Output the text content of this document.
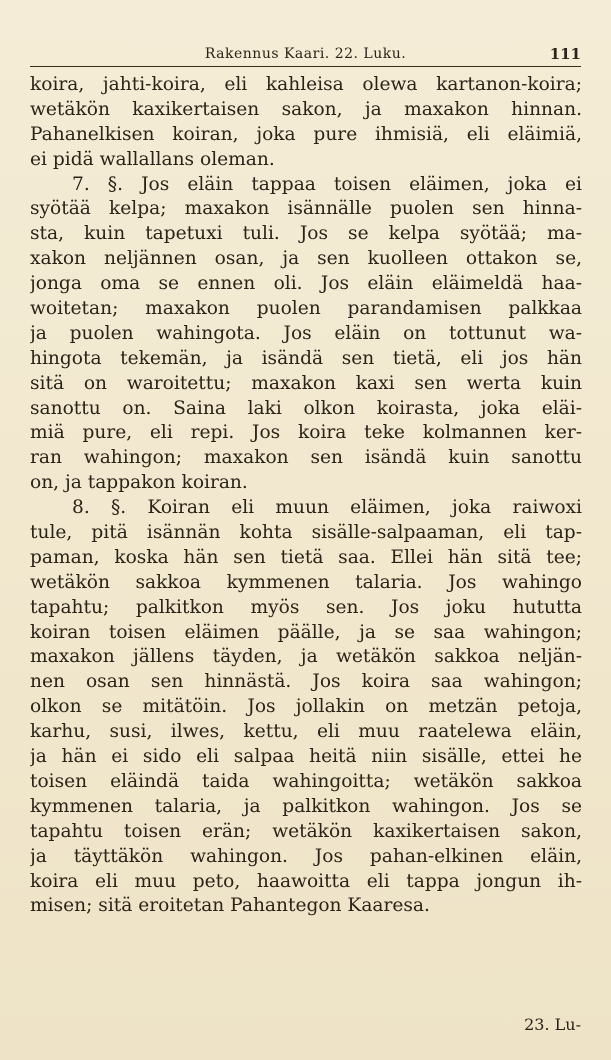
Rakennus Kaari. 22. Luku.	111
koira, jahti-koira, eli kahleisa olewa kartanon-koira;
wetäkön kaxikertaisen sakon, ja maxakon hinnan.
Pahanelkisen koiran, joka pure ihmisiä, eli eläimiä,
ei pidä wallallans oleman.
7. §. Jos eläin tappaa toisen eläimen, joka ei
syötää kelpa; maxakon isännälle puolen sen hinna-
sta, kuin tapetuxi tuli. Jos se kelpa syötää; ma-
xakon neljännen osan, ja sen kuolleen ottakon se,
jonga oma se ennen oli. Jos eläin eläimeldä haa-
woitetan; maxakon puolen parandamisen palkkaa
ja puolen wahingota. Jos eläin on tottunut wa-
hingota tekemän, ja isändä sen tietä, eli jos hän
sitä on waroitettu; maxakon kaxi sen werta kuin
sanottu on. Saina laki olkon koirasta, joka eläi-
miä pure, eli repi. Jos koira teke kolmannen ker-
ran wahingon; maxakon sen isändä kuin sanottu
on, ja tappakon koiran.
8. §. Koiran eli muun eläimen, joka raiwoxi
tule, pitä isännän kohta sisälle-salpaaman, eli tap-
paman, koska hän sen tietä saa. Ellei hän sitä tee;
wetäkön sakkoa kymmenen talaria. Jos wahingo
tapahtu; palkitkon myös sen. Jos joku hututta
koiran toisen eläimen päälle, ja se saa wahingon;
maxakon jällens täyden, ja wetäkön sakkoa neljän-
nen osan sen hinnästä. Jos koira saa wahingon;
olkon se mitätöin. Jos jollakin on metzän petoja,
karhu, susi, ilwes, kettu, eli muu raatelewa eläin,
ja hän ei sido eli salpaa heitä niin sisälle, ettei he
toisen eläindä taida wahingoitta; wetäkön sakkoa
kymmenen talaria, ja palkitkon wahingon. Jos se
tapahtu toisen erän; wetäkön kaxikertaisen sakon,
ja täyttäkön wahingon. Jos pahan-elkinen eläin,
koira eli muu peto, haawoitta eli tappa jongun ih-
misen; sitä eroitetan Pahantegon Kaaresa.
23. Lu-
